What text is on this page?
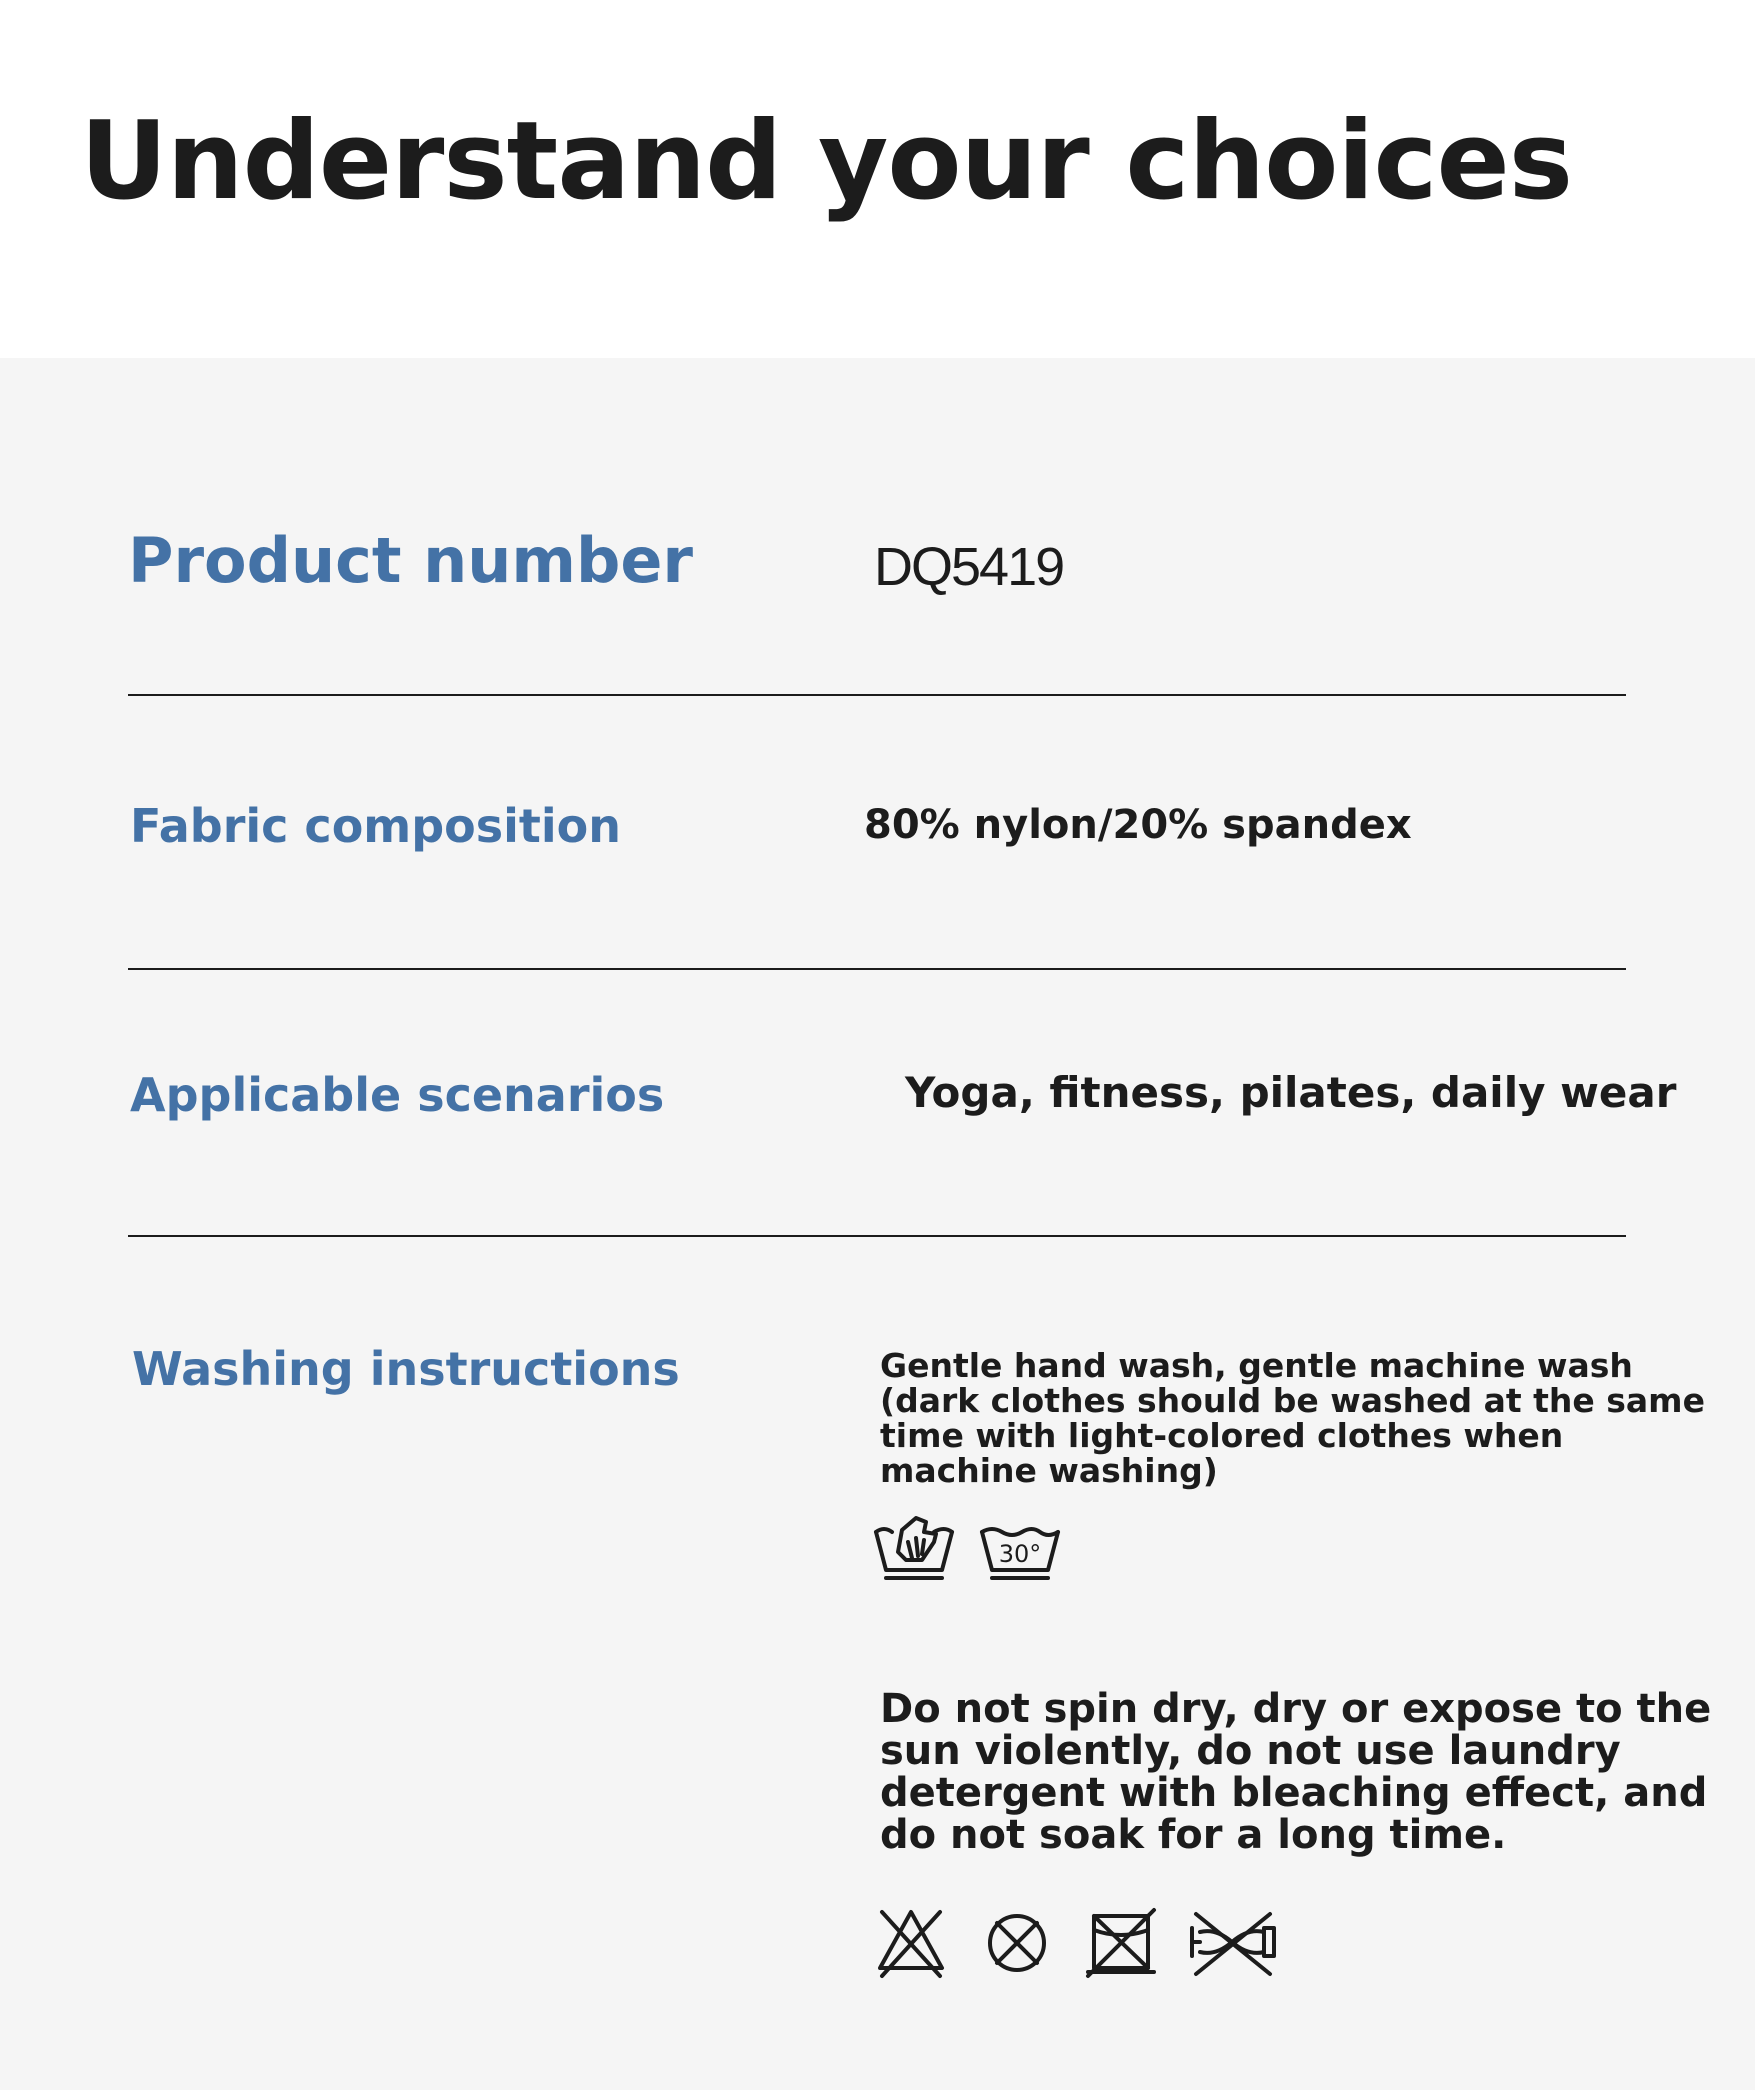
Understand your choices
Product number	DQ5419
Fabric composition	80% nylon/20% spandex
Applicable scenarios	Yoga, fitness, pilates, daily wear
Washing instructions	Gentle hand wash, gentle machine wash (dark clothes should be washed at the same time with light-colored clothes when machine washing)
30°
Do not spin dry, dry or expose to the sun violently, do not use laundry detergent with bleaching effect, and do not soak for a long time.
